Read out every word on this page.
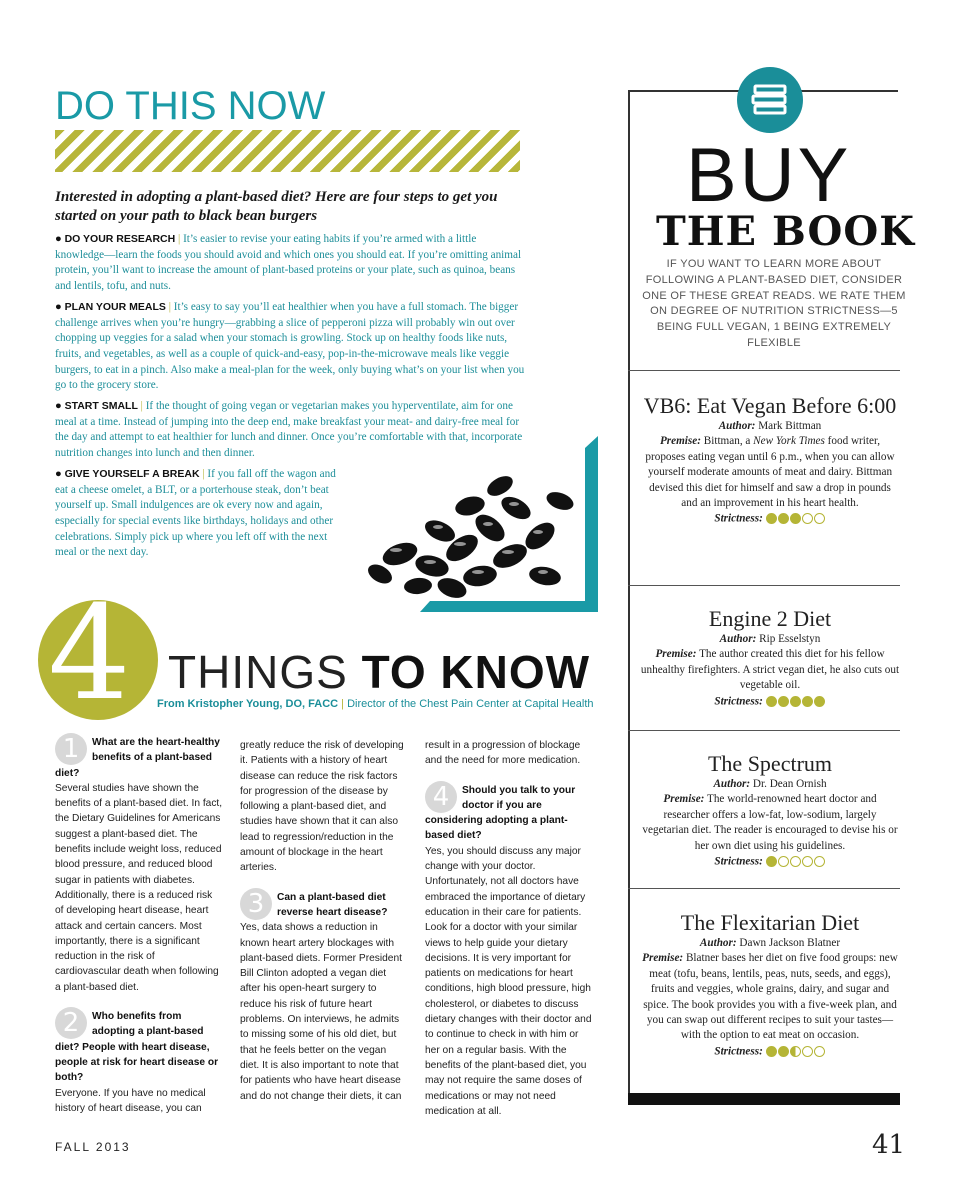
DO THIS NOW
Interested in adopting a plant-based diet? Here are four steps to get you started on your path to black bean burgers
● DO YOUR RESEARCH | It’s easier to revise your eating habits if you’re armed with a little knowledge—learn the foods you should avoid and which ones you should eat. If you’re omitting animal protein, you’ll want to increase the amount of plant-based proteins or your plate, such as quinoa, beans and lentils, tofu, and nuts.
● PLAN YOUR MEALS | It’s easy to say you’ll eat healthier when you have a full stomach. The bigger challenge arrives when you’re hungry—grabbing a slice of pepperoni pizza will probably win out over chopping up veggies for a salad when your stomach is growling. Stock up on healthy foods like nuts, fruits, and vegetables, as well as a couple of quick-and-easy, pop-in-the-microwave meals like veggie burgers, to eat in a pinch. Also make a meal-plan for the week, only buying what’s on your list when you go to the grocery store.
● START SMALL | If the thought of going vegan or vegetarian makes you hyperventilate, aim for one meal at a time. Instead of jumping into the deep end, make breakfast your meat- and dairy-free meal for the day and attempt to eat healthier for lunch and dinner. Once you’re comfortable with that, incorporate nutrition changes into lunch and then dinner.
● GIVE YOURSELF A BREAK | If you fall off the wagon and eat a cheese omelet, a BLT, or a porterhouse steak, don’t beat yourself up. Small indulgences are ok every now and again, especially for special events like birthdays, holidays and other celebrations. Simply pick up where you left off with the next meal or the next day.
4 THINGS TO KNOW
From Kristopher Young, DO, FACC | Director of the Chest Pain Center at Capital Health
1	What are the heart-healthy benefits of a plant-based diet?
Several studies have shown the benefits of a plant-based diet. In fact, the Dietary Guidelines for Americans suggest a plant-based diet. The benefits include weight loss, reduced blood pressure, and reduced blood sugar in patients with diabetes. Additionally, there is a reduced risk of developing heart disease, heart attack and certain cancers. Most importantly, there is a significant reduction in the risk of cardiovascular death when following a plant-based diet.
2	Who benefits from adopting a plant-based diet? People with heart disease, people at risk for heart disease or both?
Everyone. If you have no medical history of heart disease, you can
greatly reduce the risk of developing it. Patients with a history of heart disease can reduce the risk factors for progression of the disease by following a plant-based diet, and studies have shown that it can also lead to regression/reduction in the amount of blockage in the heart arteries.
3	Can a plant-based diet reverse heart disease?
Yes, data shows a reduction in known heart artery blockages with plant-based diets. Former President Bill Clinton adopted a vegan diet after his open-heart surgery to reduce his risk of future heart problems. On interviews, he admits to missing some of his old diet, but that he feels better on the vegan diet. It is also important to note that for patients who have heart disease and do not change their diets, it can
result in a progression of blockage and the need for more medication.
4	Should you talk to your doctor if you are considering adopting a plant-based diet?
Yes, you should discuss any major change with your doctor. Unfortunately, not all doctors have embraced the importance of dietary education in their care for patients. Look for a doctor with your similar views to help guide your dietary decisions. It is very important for patients on medications for heart conditions, high blood pressure, high cholesterol, or diabetes to discuss dietary changes with their doctor and to continue to check in with him or her on a regular basis. With the benefits of the plant-based diet, you may not require the same doses of medications or may not need medication at all.
FALL 2013	41
BUY
THE BOOK
IF YOU WANT TO LEARN MORE ABOUT FOLLOWING A PLANT-BASED DIET, CONSIDER ONE OF THESE GREAT READS. WE RATE THEM ON DEGREE OF NUTRITION STRICTNESS—5 BEING FULL VEGAN, 1 BEING EXTREMELY FLEXIBLE
VB6: Eat Vegan Before 6:00
Author: Mark Bittman
Premise: Bittman, a New York Times food writer, proposes eating vegan until 6 p.m., when you can allow yourself moderate amounts of meat and dairy. Bittman devised this diet for himself and saw a drop in pounds and an improvement in his heart health.
Strictness:
Engine 2 Diet
Author: Rip Esselstyn
Premise: The author created this diet for his fellow unhealthy firefighters. A strict vegan diet, he also cuts out vegetable oil.
Strictness:
The Spectrum
Author: Dr. Dean Ornish
Premise: The world-renowned heart doctor and researcher offers a low-fat, low-sodium, largely vegetarian diet. The reader is encouraged to devise his or her own diet using his guidelines.
Strictness:
The Flexitarian Diet
Author: Dawn Jackson Blatner
Premise: Blatner bases her diet on five food groups: new meat (tofu, beans, lentils, peas, nuts, seeds, and eggs), fruits and veggies, whole grains, dairy, and sugar and spice. The book provides you with a five-week plan, and you can swap out different recipes to suit your tastes—with the option to eat meat on occasion.
Strictness:
